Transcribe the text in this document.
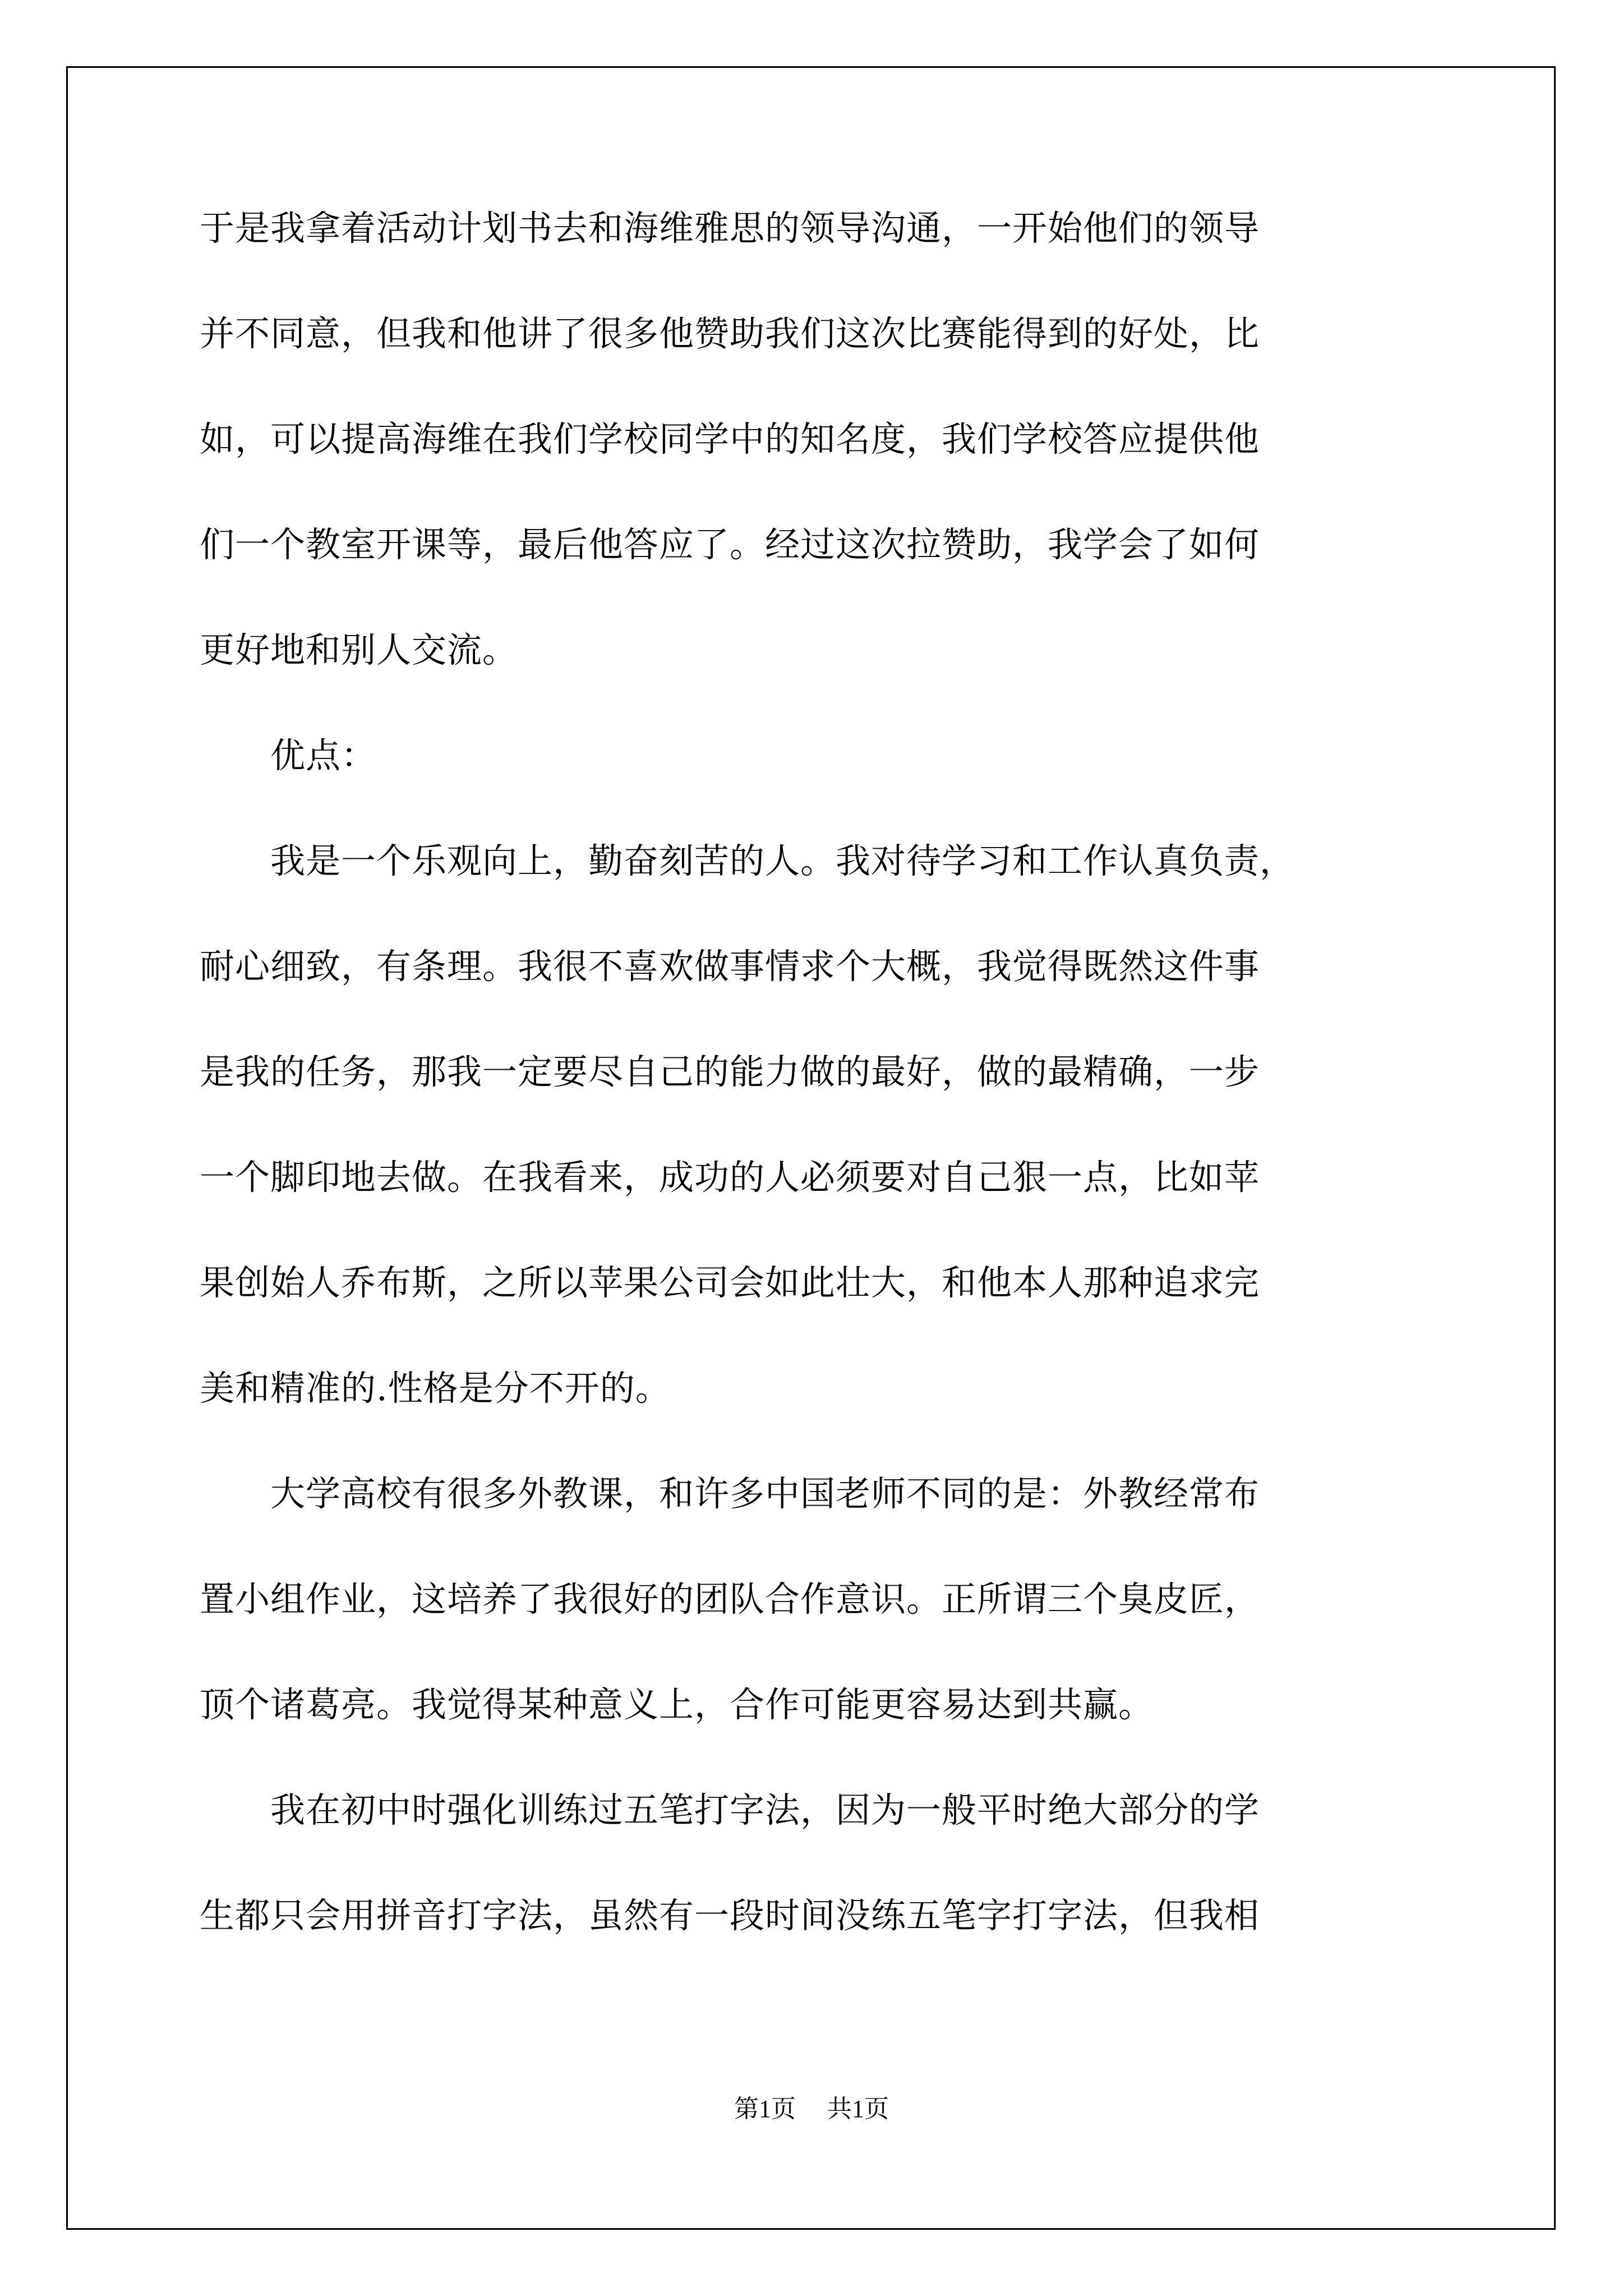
于是我拿着活动计划书去和海维雅思的领导沟通，一开始他们的领导
并不同意，但我和他讲了很多他赞助我们这次比赛能得到的好处，比
如，可以提高海维在我们学校同学中的知名度，我们学校答应提供他
们一个教室开课等，最后他答应了。经过这次拉赞助，我学会了如何
更好地和别人交流。
　　优点：
　　我是一个乐观向上，勤奋刻苦的人。我对待学习和工作认真负责，
耐心细致，有条理。我很不喜欢做事情求个大概，我觉得既然这件事
是我的任务，那我一定要尽自己的能力做的最好，做的最精确，一步
一个脚印地去做。在我看来，成功的人必须要对自己狠一点，比如苹
果创始人乔布斯，之所以苹果公司会如此壮大，和他本人那种追求完
美和精准的.性格是分不开的。
　　大学高校有很多外教课，和许多中国老师不同的是：外教经常布
置小组作业，这培养了我很好的团队合作意识。正所谓三个臭皮匠，
顶个诸葛亮。我觉得某种意义上，合作可能更容易达到共赢。
　　我在初中时强化训练过五笔打字法，因为一般平时绝大部分的学
生都只会用拼音打字法，虽然有一段时间没练五笔字打字法，但我相
第1页 共1页
